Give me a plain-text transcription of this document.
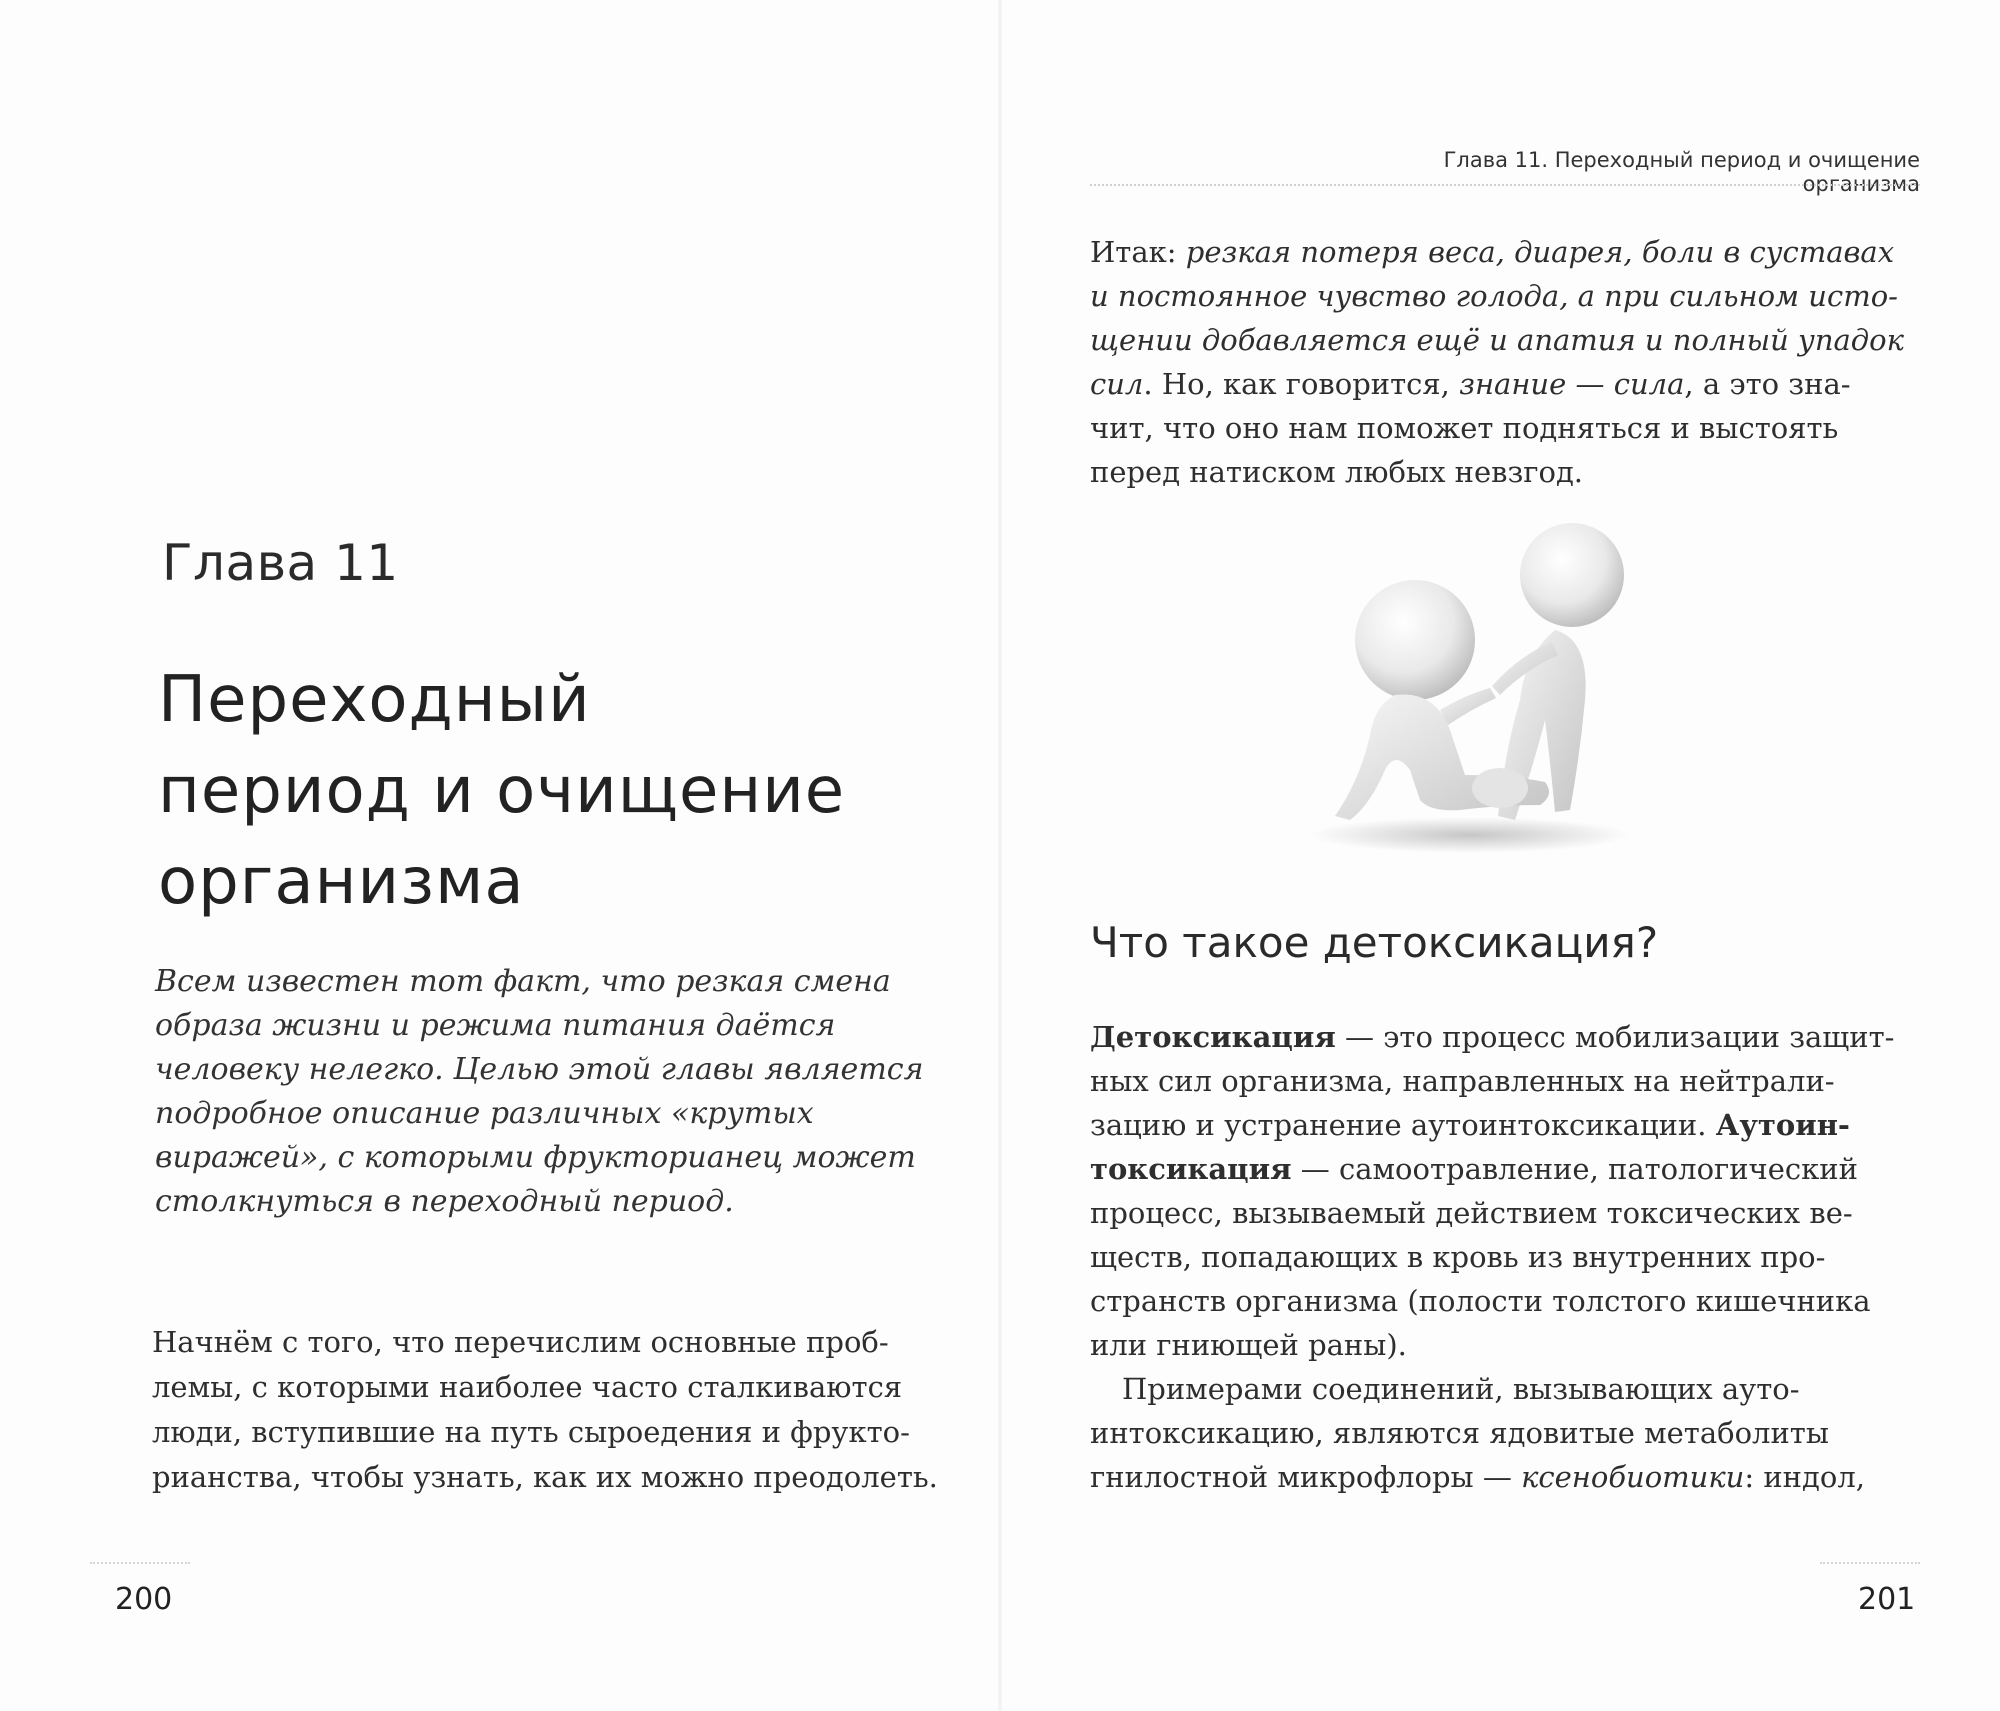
Глава 11
Переходный
период и очищение
организма
Всем известен тот факт, что резкая смена
образа жизни и режима питания даётся
человеку нелегко. Целью этой главы является
подробное описание различных «крутых
виражей», с которыми фрукторианец может
столкнуться в переходный период.
Начнём с того, что перечислим основные проб-
лемы, с которыми наиболее часто сталкиваются
люди, вступившие на путь сыроедения и фрукто-
рианства, чтобы узнать, как их можно преодолеть.
200
Глава 11. Переходный период и очищение организма
Итак: резкая потеря веса, диарея, боли в суставах
и постоянное чувство голода, а при сильном исто-
щении добавляется ещё и апатия и полный упадок
сил. Но, как говорится, знание — сила, а это зна-
чит, что оно нам поможет подняться и выстоять
перед натиском любых невзгод.
Что такое детоксикация?
Детоксикация — это процесс мобилизации защит-
ных сил организма, направленных на нейтрали-
зацию и устранение аутоинтоксикации. Аутоин-
токсикация — самоотравление, патологический
процесс, вызываемый действием токсических ве-
ществ, попадающих в кровь из внутренних про-
странств организма (полости толстого кишечника
или гниющей раны).
Примерами соединений, вызывающих ауто-
интоксикацию, являются ядовитые метаболиты
гнилостной микрофлоры — ксенобиотики: индол,
201
